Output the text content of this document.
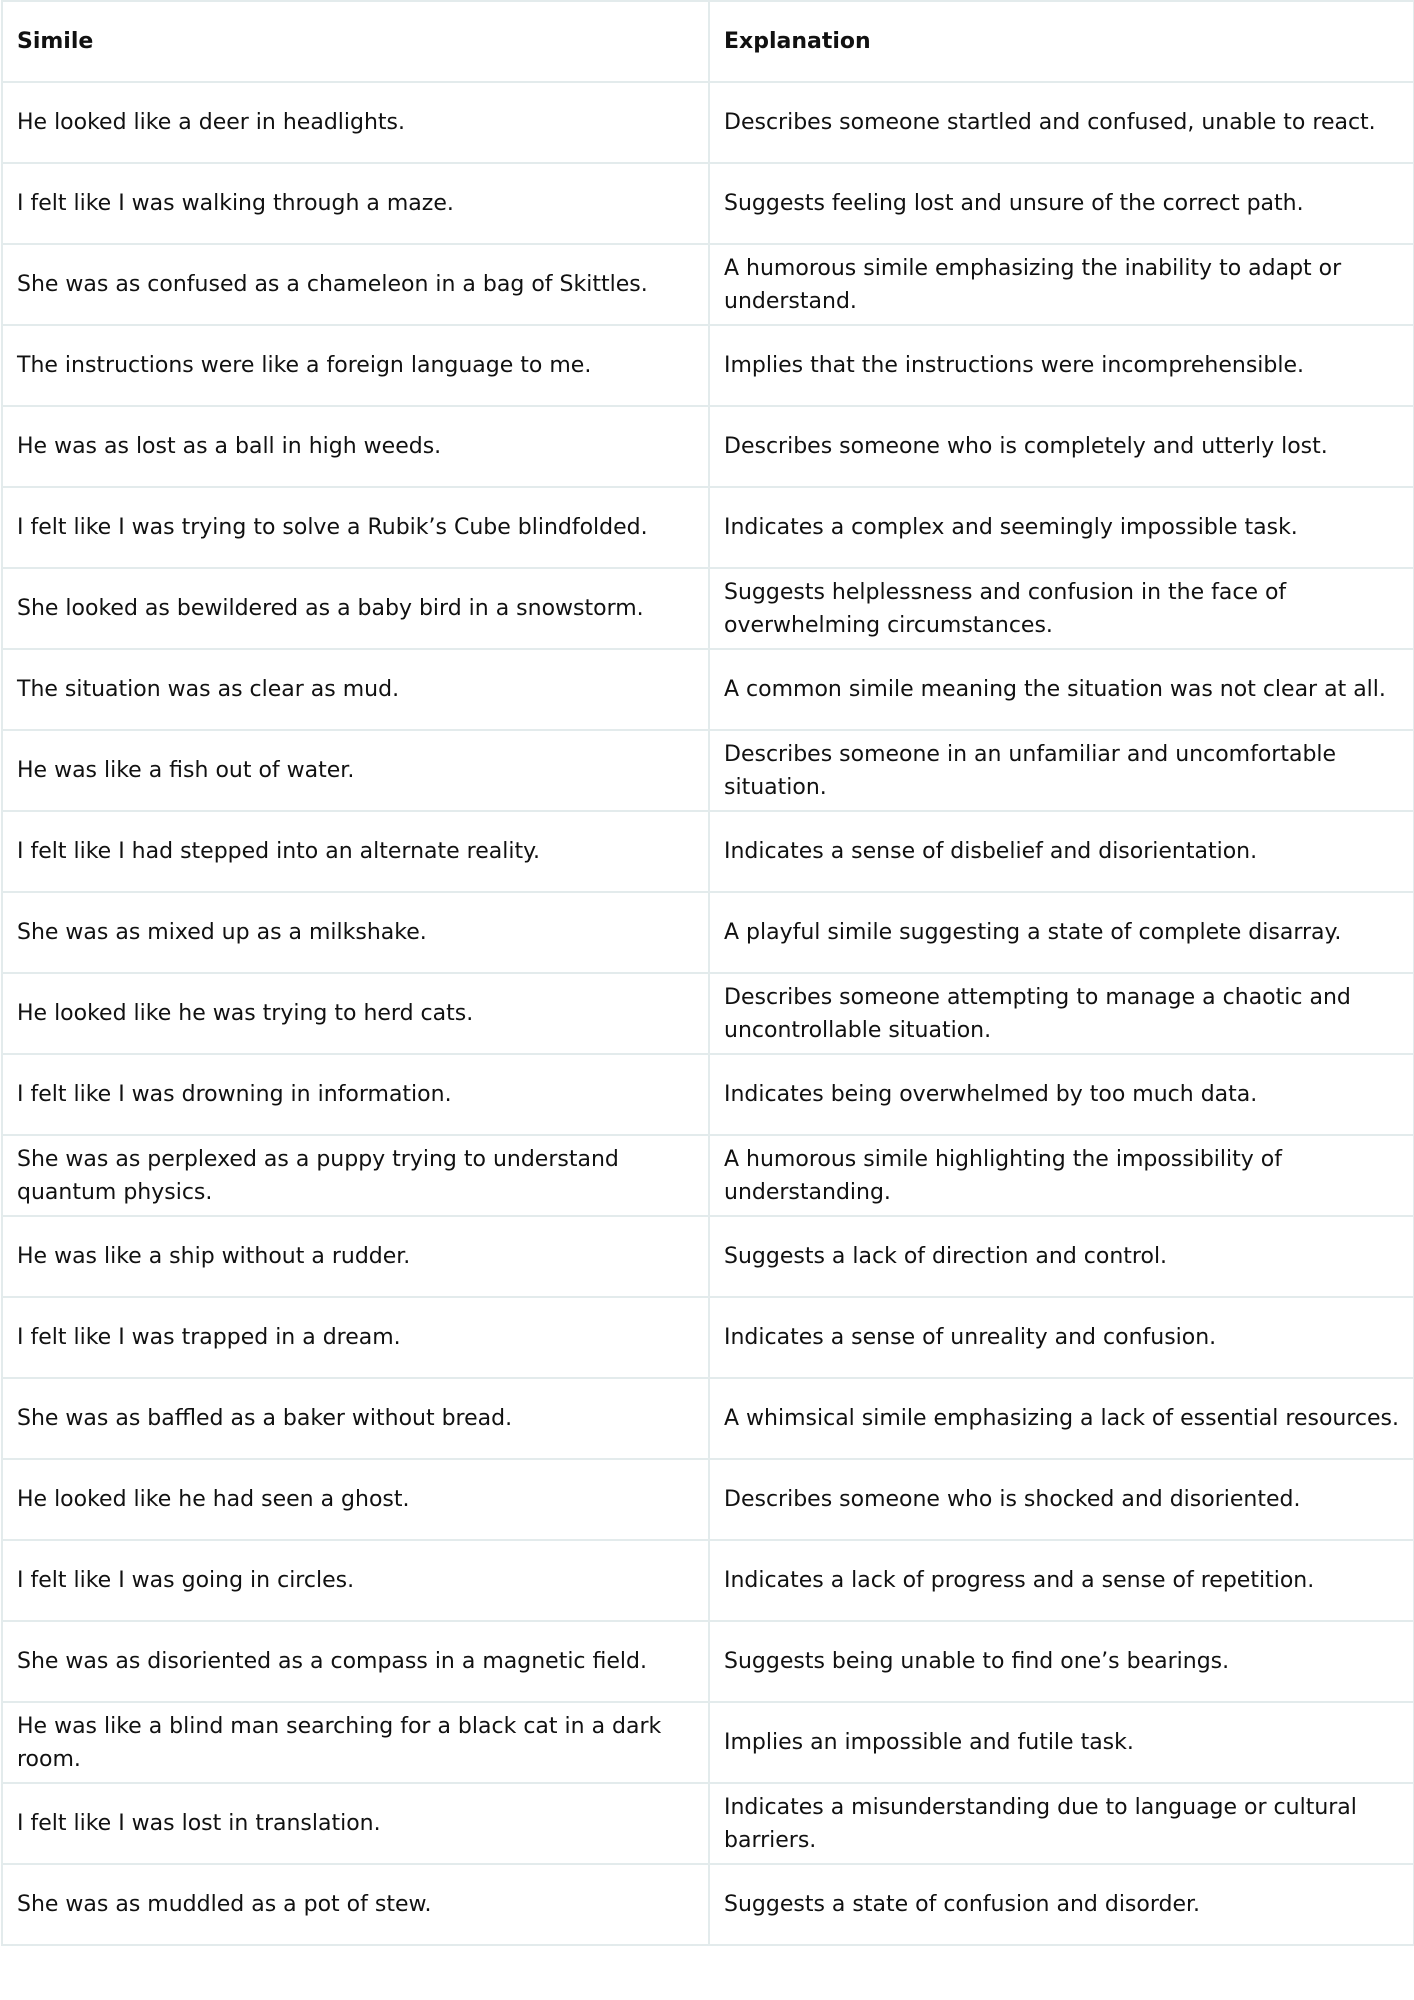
Simile	Explanation
He looked like a deer in headlights.	Describes someone startled and confused, unable to react.
I felt like I was walking through a maze.	Suggests feeling lost and unsure of the correct path.
She was as confused as a chameleon in a bag of Skittles.	A humorous simile emphasizing the inability to adapt or understand.
The instructions were like a foreign language to me.	Implies that the instructions were incomprehensible.
He was as lost as a ball in high weeds.	Describes someone who is completely and utterly lost.
I felt like I was trying to solve a Rubik’s Cube blindfolded.	Indicates a complex and seemingly impossible task.
She looked as bewildered as a baby bird in a snowstorm.	Suggests helplessness and confusion in the face of overwhelming circumstances.
The situation was as clear as mud.	A common simile meaning the situation was not clear at all.
He was like a fish out of water.	Describes someone in an unfamiliar and uncomfortable situation.
I felt like I had stepped into an alternate reality.	Indicates a sense of disbelief and disorientation.
She was as mixed up as a milkshake.	A playful simile suggesting a state of complete disarray.
He looked like he was trying to herd cats.	Describes someone attempting to manage a chaotic and uncontrollable situation.
I felt like I was drowning in information.	Indicates being overwhelmed by too much data.
She was as perplexed as a puppy trying to understand quantum physics.	A humorous simile highlighting the impossibility of understanding.
He was like a ship without a rudder.	Suggests a lack of direction and control.
I felt like I was trapped in a dream.	Indicates a sense of unreality and confusion.
She was as baffled as a baker without bread.	A whimsical simile emphasizing a lack of essential resources.
He looked like he had seen a ghost.	Describes someone who is shocked and disoriented.
I felt like I was going in circles.	Indicates a lack of progress and a sense of repetition.
She was as disoriented as a compass in a magnetic field.	Suggests being unable to find one’s bearings.
He was like a blind man searching for a black cat in a dark room.	Implies an impossible and futile task.
I felt like I was lost in translation.	Indicates a misunderstanding due to language or cultural barriers.
She was as muddled as a pot of stew.	Suggests a state of confusion and disorder.
